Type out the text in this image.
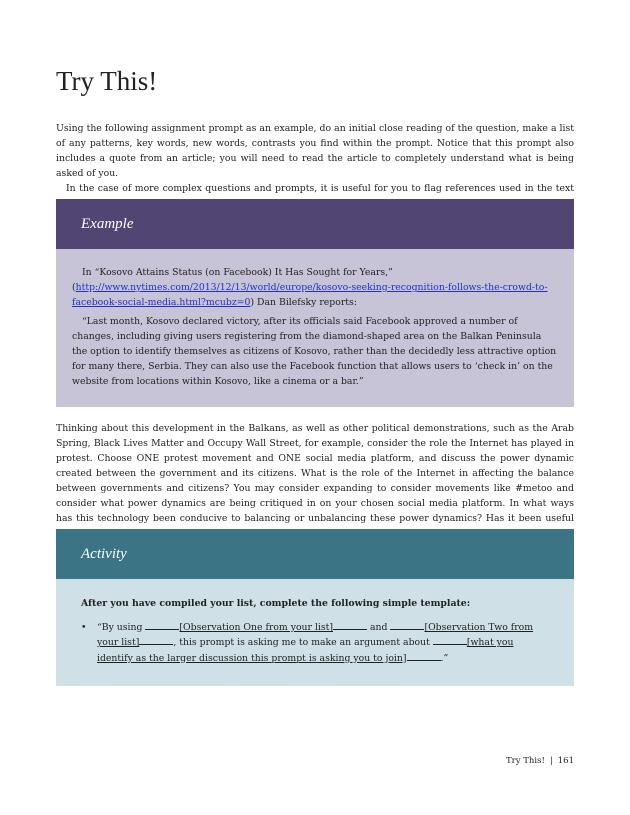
Try This!

Using the following assignment prompt as an example, do an initial close reading of the question, make a list of any patterns, key words, new words, contrasts you find within the prompt. Notice that this prompt also includes a quote from an article; you will need to read the article to completely understand what is being asked of you.

In the case of more complex questions and prompts, it is useful for you to flag references used in the text

Example

In “Kosovo Attains Status (on Facebook) It Has Sought for Years,” (http://www.nytimes.com/2013/12/13/world/europe/kosovo-seeking-recognition-follows-the-crowd-to-facebook-social-media.html?mcubz=0) Dan Bilefsky reports:

“Last month, Kosovo declared victory, after its officials said Facebook approved a number of changes, including giving users registering from the diamond-shaped area on the Balkan Peninsula the option to identify themselves as citizens of Kosovo, rather than the decidedly less attractive option for many there, Serbia. They can also use the Facebook function that allows users to ‘check in’ on the website from locations within Kosovo, like a cinema or a bar.”

Thinking about this development in the Balkans, as well as other political demonstrations, such as the Arab Spring, Black Lives Matter and Occupy Wall Street, for example, consider the role the Internet has played in protest. Choose ONE protest movement and ONE social media platform, and discuss the power dynamic created between the government and its citizens. What is the role of the Internet in affecting the balance between governments and citizens? You may consider expanding to consider movements like #metoo and consider what power dynamics are being critiqued in on your chosen social media platform. In what ways has this technology been conducive to balancing or unbalancing these power dynamics? Has it been useful

Activity

After you have compiled your list, complete the following simple template:

•	“By using	[Observation One from your list]	and	[Observation Two from your list]	, this prompt is asking me to make an argument about	[what you identify as the larger discussion this prompt is asking you to join]	.”
Try This! | 161
